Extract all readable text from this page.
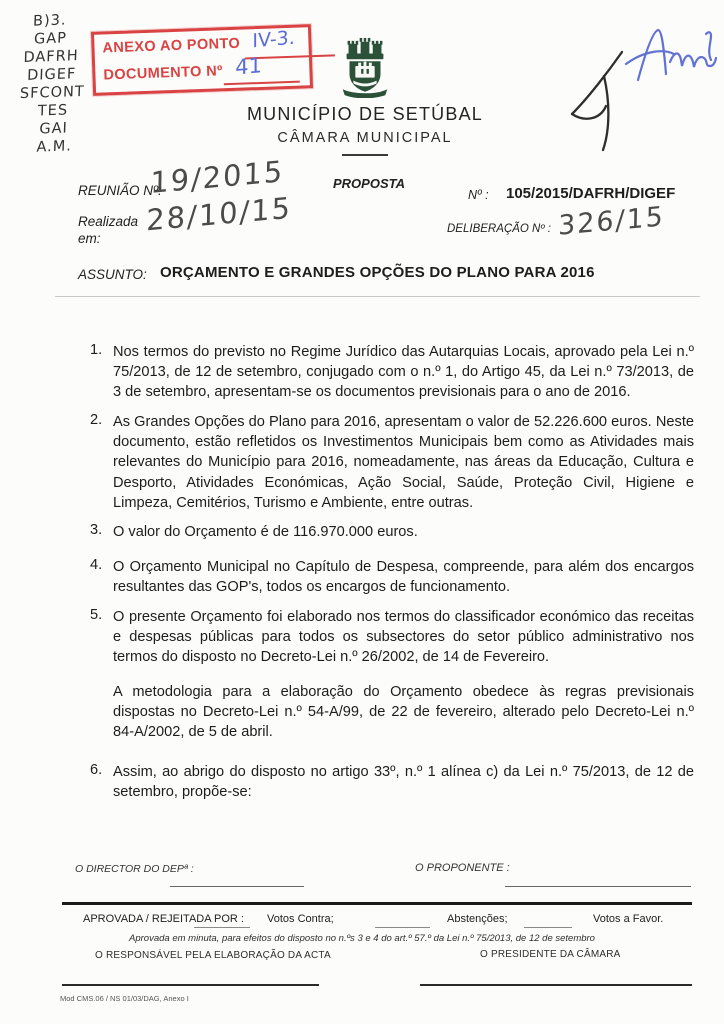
B)3.
GAP
DAFRH
DIGEF
SFCONT
TES
GAI
A.M.
ANEXO AO PONTO IV-3.
DOCUMENTO Nº 41
MUNICÍPIO DE SETÚBAL
CÂMARA MUNICIPAL
REUNIÃO Nº:
19/2015	PROPOSTA
Nº : 105/2015/DAFRH/DIGEF
Realizada em:
28/10/15	DELIBERAÇÃO Nº : 326/15
ASSUNTO: ORÇAMENTO E GRANDES OPÇÕES DO PLANO PARA 2016
1. Nos termos do previsto no Regime Jurídico das Autarquias Locais, aprovado pela Lei n.º 75/2013, de 12 de setembro, conjugado com o n.º 1, do Artigo 45, da Lei n.º 73/2013, de 3 de setembro, apresentam-se os documentos previsionais para o ano de 2016.
2. As Grandes Opções do Plano para 2016, apresentam o valor de 52.226.600 euros. Neste documento, estão refletidos os Investimentos Municipais bem como as Atividades mais relevantes do Município para 2016, nomeadamente, nas áreas da Educação, Cultura e Desporto, Atividades Económicas, Ação Social, Saúde, Proteção Civil, Higiene e Limpeza, Cemitérios, Turismo e Ambiente, entre outras.
3. O valor do Orçamento é de 116.970.000 euros.
4. O Orçamento Municipal no Capítulo de Despesa, compreende, para além dos encargos resultantes das GOP's, todos os encargos de funcionamento.
5. O presente Orçamento foi elaborado nos termos do classificador económico das receitas e despesas públicas para todos os subsectores do setor público administrativo nos termos do disposto no Decreto-Lei n.º 26/2002, de 14 de Fevereiro.
A metodologia para a elaboração do Orçamento obedece às regras previsionais dispostas no Decreto-Lei n.º 54-A/99, de 22 de fevereiro, alterado pelo Decreto-Lei n.º 84-A/2002, de 5 de abril.
6. Assim, ao abrigo do disposto no artigo 33º, n.º 1 alínea c) da Lei n.º 75/2013, de 12 de setembro, propõe-se:
O DIRECTOR DO DEPª :	O PROPONENTE :
APROVADA / REJEITADA POR : Votos Contra;	Abstenções;	Votos a Favor.
Aprovada em minuta, para efeitos do disposto no n.ºs 3 e 4 do art.º 57.º da Lei n.º 75/2013, de 12 de setembro
O RESPONSÁVEL PELA ELABORAÇÃO DA ACTA	O PRESIDENTE DA CÂMARA
Mod CMS.06 / NS 01/03/DAG, Anexo I
